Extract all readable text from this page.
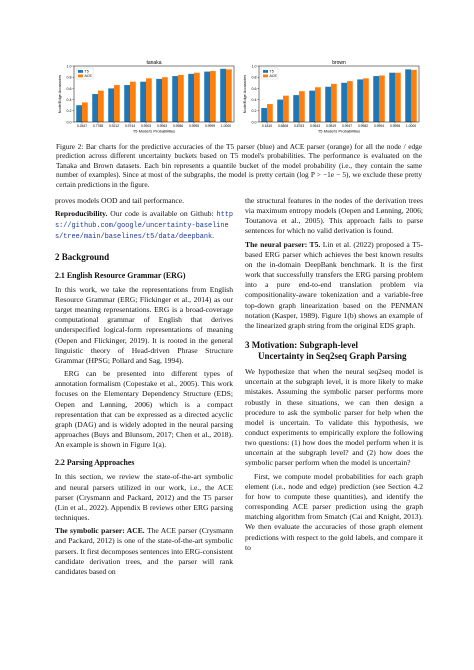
tanaka
0.0
0.2
0.4
0.6
0.8
1.0
0.2547 0.7788 0.9212 0.9744 0.9903 0.9963 0.9986 0.9995 0.9999 1.0000
T5 Model's Probabilities
Node/Edge Accuracies
T5
ACE
brown
0.0
0.2
0.4
0.6
0.8
1.0
0.1810 0.6808 0.8763 0.9543 0.9819 0.9947 0.9982 0.9994 0.9998 1.0000
T5 Model's Probabilities
Node/Edge Accuracies
T5
ACE
Figure 2: Bar charts for the predictive accuracies of the T5 parser (blue) and ACE parser (orange) for all the node / edge prediction across different uncertainty buckets based on T5 model's probabilities. The performance is evaluated on the Tanaka and Brown datasets. Each bin represents a quantile bucket of the model probability (i.e., they contain the same number of examples). Since at most of the subgraphs, the model is pretty certain (log P > −1e − 5), we exclude these pretty certain predictions in the figure.

proves models OOD and tail performance.

Reproducibility. Our code is available on Github: https://github.com/google/uncertainty-baselines/tree/main/baselines/t5/data/deepbank.

2 Background
2.1 English Resource Grammar (ERG)

In this work, we take the representations from English Resource Grammar (ERG; Flickinger et al., 2014) as our target meaning representations. ERG is a broad-coverage computational grammar of English that derives underspecified logical-form representations of meaning (Oepen and Flickinger, 2019). It is rooted in the general linguistic theory of Head-driven Phrase Structure Grammar (HPSG; Pollard and Sag, 1994).

ERG can be presented into different types of annotation formalism (Copestake et al., 2005). This work focuses on the Elementary Dependency Structure (EDS; Oepen and Lønning, 2006) which is a compact representation that can be expressed as a directed acyclic graph (DAG) and is widely adopted in the neural parsing approaches (Buys and Blunsom, 2017; Chen et al., 2018). An example is shown in Figure 1(a).

2.2 Parsing Approaches

In this section, we review the state-of-the-art symbolic and neural parsers utilized in our work, i.e., the ACE parser (Crysmann and Packard, 2012) and the T5 parser (Lin et al., 2022). Appendix B reviews other ERG parsing techniques.

The symbolic parser: ACE. The ACE parser (Crysmann and Packard, 2012) is one of the state-of-the-art symbolic parsers. It first decomposes sentences into ERG-consistent candidate derivation trees, and the parser will rank candidates based on

the structural features in the nodes of the derivation trees via maximum entropy models (Oepen and Lønning, 2006; Toutanova et al., 2005). This approach fails to parse sentences for which no valid derivation is found.

The neural parser: T5. Lin et al. (2022) proposed a T5-based ERG parser which achieves the best known results on the in-domain DeepBank benchmark. It is the first work that successfully transfers the ERG parsing problem into a pure end-to-end translation problem via compositionality-aware tokenization and a variable-free top-down graph linearization based on the PENMAN notation (Kasper, 1989). Figure 1(b) shows an example of the linearized graph string from the original EDS graph.

3 Motivation: Subgraph-level
Uncertainty in Seq2seq Graph Parsing

We hypothesize that when the neural seq2seq model is uncertain at the subgraph level, it is more likely to make mistakes. Assuming the symbolic parser performs more robustly in these situations, we can then design a procedure to ask the symbolic parser for help when the model is uncertain. To validate this hypothesis, we conduct experiments to empirically explore the following two questions: (1) how does the model perform when it is uncertain at the subgraph level? and (2) how does the symbolic parser perform when the model is uncertain?

First, we compute model probabilities for each graph element (i.e., node and edge) prediction (see Section 4.2 for how to compute these quantities), and identify the corresponding ACE parser prediction using the graph matching algorithm from Smatch (Cai and Knight, 2013). We then evaluate the accuracies of those graph element predictions with respect to the gold labels, and compare it to
